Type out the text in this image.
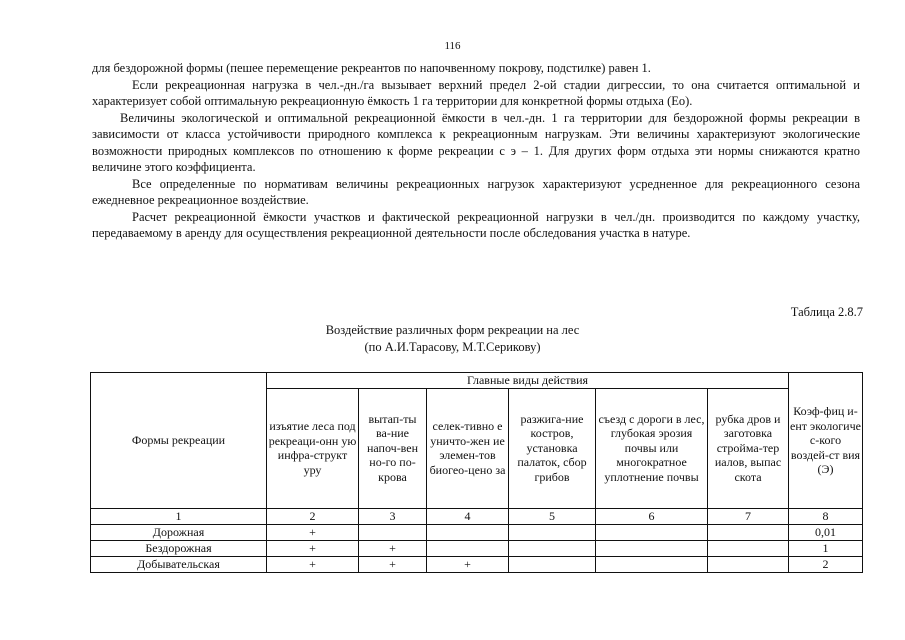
116

для бездорожной формы (пешее перемещение рекреантов по напочвенному покрову, подстилке) равен 1.

Если рекреационная нагрузка в чел.-дн./га вызывает верхний предел 2-ой стадии дигрессии, то она считается оптимальной и характеризует собой оптимальную рекреационную ёмкость 1 га территории для конкретной формы отдыха (Ео).

Величины экологической и оптимальной рекреационной ёмкости в чел.-дн. 1 га территории для бездорожной формы рекреации в зависимости от класса устойчивости природного комплекса к рекреационным нагрузкам. Эти величины характеризуют экологические возможности природных комплексов по отношению к форме рекреации с э – 1. Для других форм отдыха эти нормы снижаются кратно величине этого коэффициента.

Все определенные по нормативам величины рекреационных нагрузок характеризуют усредненное для рекреационного сезона ежедневное рекреационное воздействие.

Расчет рекреационной ёмкости участков и фактической рекреационной нагрузки в чел./дн. производится по каждому участку, передаваемому в аренду для осуществления рекреационной деятельности после обследования участка в натуре.

Таблица 2.8.7
Воздействие различных форм рекреации на лес
(по А.И.Тарасову, М.Т.Серикову)
Формы рекреации	Главные виды действия						Коэф-фиц и-ент экологиче с-кого воздей-ст вия (Э)
	изъятие леса под рекреаци-онн ую инфра-структ уру	вытап-ты ва-ние напоч-вен но-го по-крова	селек-тивно е уничто-жен ие элемен-тов биогео-цено за	разжига-ние костров, установка палаток, сбор грибов	съезд с дороги в лес, глубокая эрозия почвы или многократное уплотнение почвы	рубка дров и заготовка стройма-тер иалов, выпас скота	
1	2	3	4	5	6	7	8
Дорожная	+						0,01
Бездорожная	+	+					1
Добывательская	+	+	+				2
